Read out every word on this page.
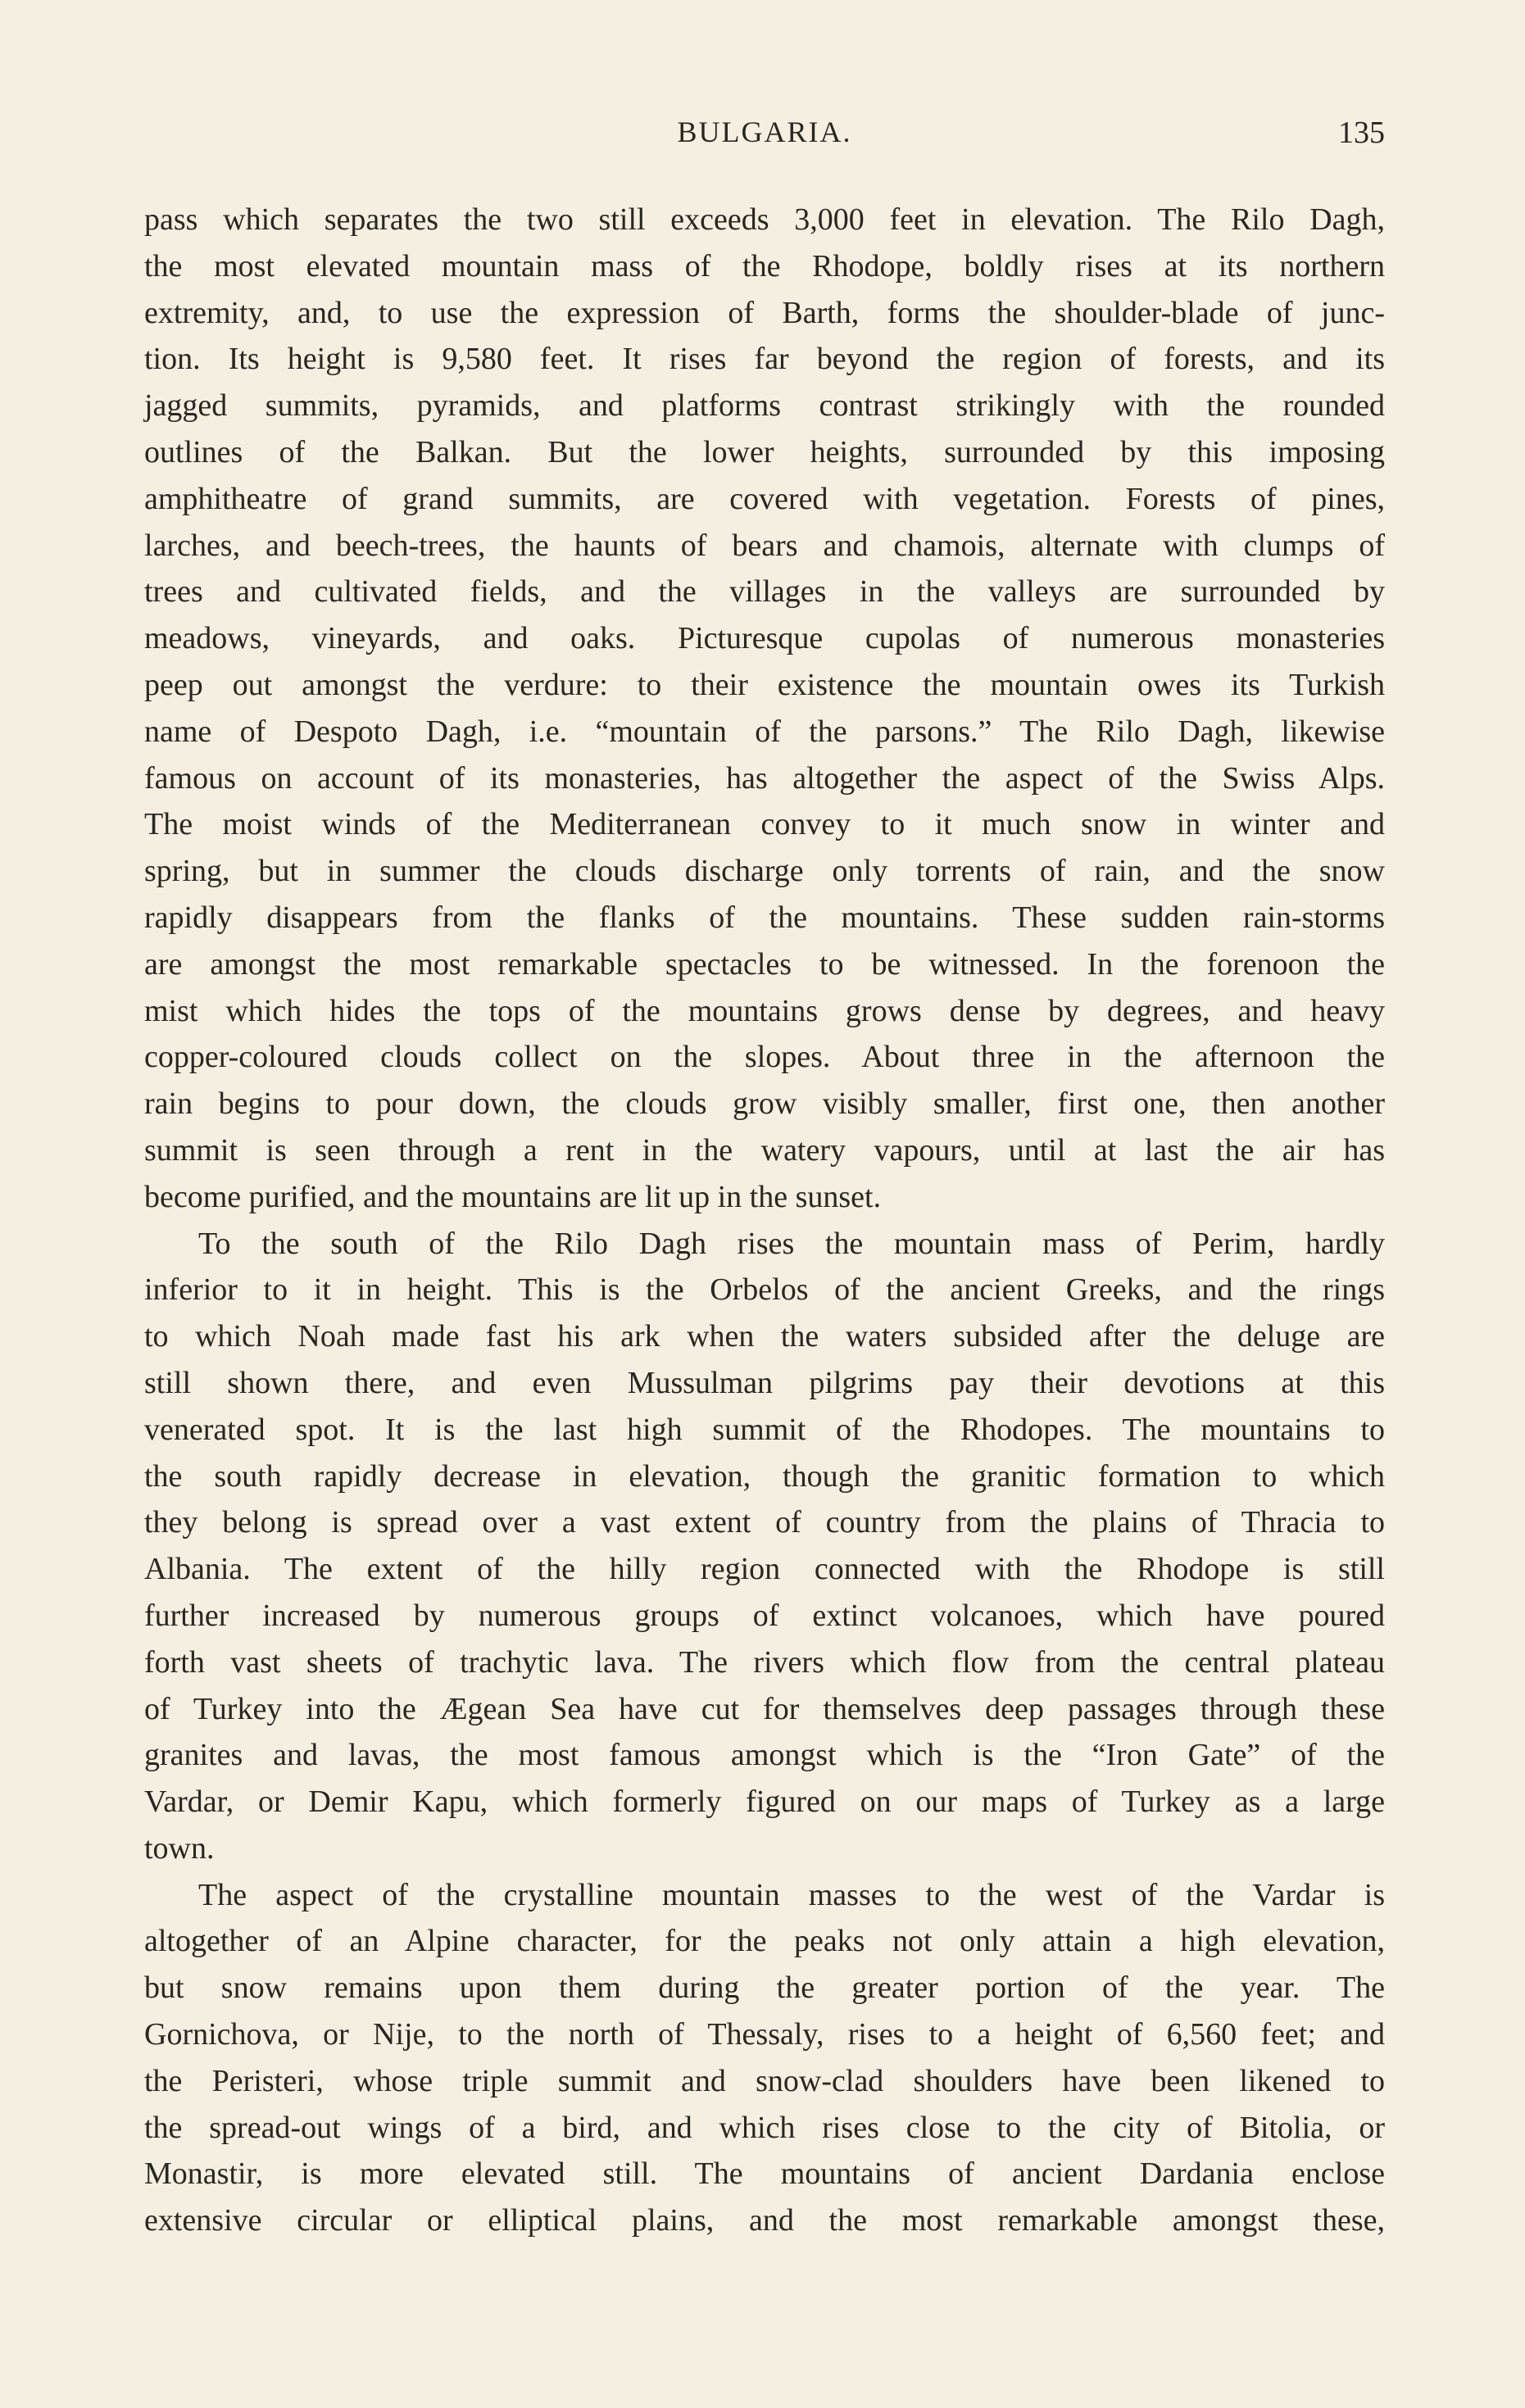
BULGARIA.	135
pass which separates the two still exceeds 3,000 feet in elevation. The Rilo Dagh,
the most elevated mountain mass of the Rhodope, boldly rises at its northern
extremity, and, to use the expression of Barth, forms the shoulder-blade of junc-
tion. Its height is 9,580 feet. It rises far beyond the region of forests, and its
jagged summits, pyramids, and platforms contrast strikingly with the rounded
outlines of the Balkan. But the lower heights, surrounded by this imposing
amphitheatre of grand summits, are covered with vegetation. Forests of pines,
larches, and beech-trees, the haunts of bears and chamois, alternate with clumps of
trees and cultivated fields, and the villages in the valleys are surrounded by
meadows, vineyards, and oaks. Picturesque cupolas of numerous monasteries
peep out amongst the verdure: to their existence the mountain owes its Turkish
name of Despoto Dagh, i.e. “mountain of the parsons.” The Rilo Dagh, likewise
famous on account of its monasteries, has altogether the aspect of the Swiss Alps.
The moist winds of the Mediterranean convey to it much snow in winter and
spring, but in summer the clouds discharge only torrents of rain, and the snow
rapidly disappears from the flanks of the mountains. These sudden rain-storms
are amongst the most remarkable spectacles to be witnessed. In the forenoon the
mist which hides the tops of the mountains grows dense by degrees, and heavy
copper-coloured clouds collect on the slopes. About three in the afternoon the
rain begins to pour down, the clouds grow visibly smaller, first one, then another
summit is seen through a rent in the watery vapours, until at last the air has
become purified, and the mountains are lit up in the sunset.
To the south of the Rilo Dagh rises the mountain mass of Perim, hardly
inferior to it in height. This is the Orbelos of the ancient Greeks, and the rings
to which Noah made fast his ark when the waters subsided after the deluge are
still shown there, and even Mussulman pilgrims pay their devotions at this
venerated spot. It is the last high summit of the Rhodopes. The mountains to
the south rapidly decrease in elevation, though the granitic formation to which
they belong is spread over a vast extent of country from the plains of Thracia to
Albania. The extent of the hilly region connected with the Rhodope is still
further increased by numerous groups of extinct volcanoes, which have poured
forth vast sheets of trachytic lava. The rivers which flow from the central plateau
of Turkey into the Ægean Sea have cut for themselves deep passages through these
granites and lavas, the most famous amongst which is the “Iron Gate” of the
Vardar, or Demir Kapu, which formerly figured on our maps of Turkey as a large
town.
The aspect of the crystalline mountain masses to the west of the Vardar is
altogether of an Alpine character, for the peaks not only attain a high elevation,
but snow remains upon them during the greater portion of the year. The
Gornichova, or Nije, to the north of Thessaly, rises to a height of 6,560 feet; and
the Peristeri, whose triple summit and snow-clad shoulders have been likened to
the spread-out wings of a bird, and which rises close to the city of Bitolia, or
Monastir, is more elevated still. The mountains of ancient Dardania enclose
extensive circular or elliptical plains, and the most remarkable amongst these,
